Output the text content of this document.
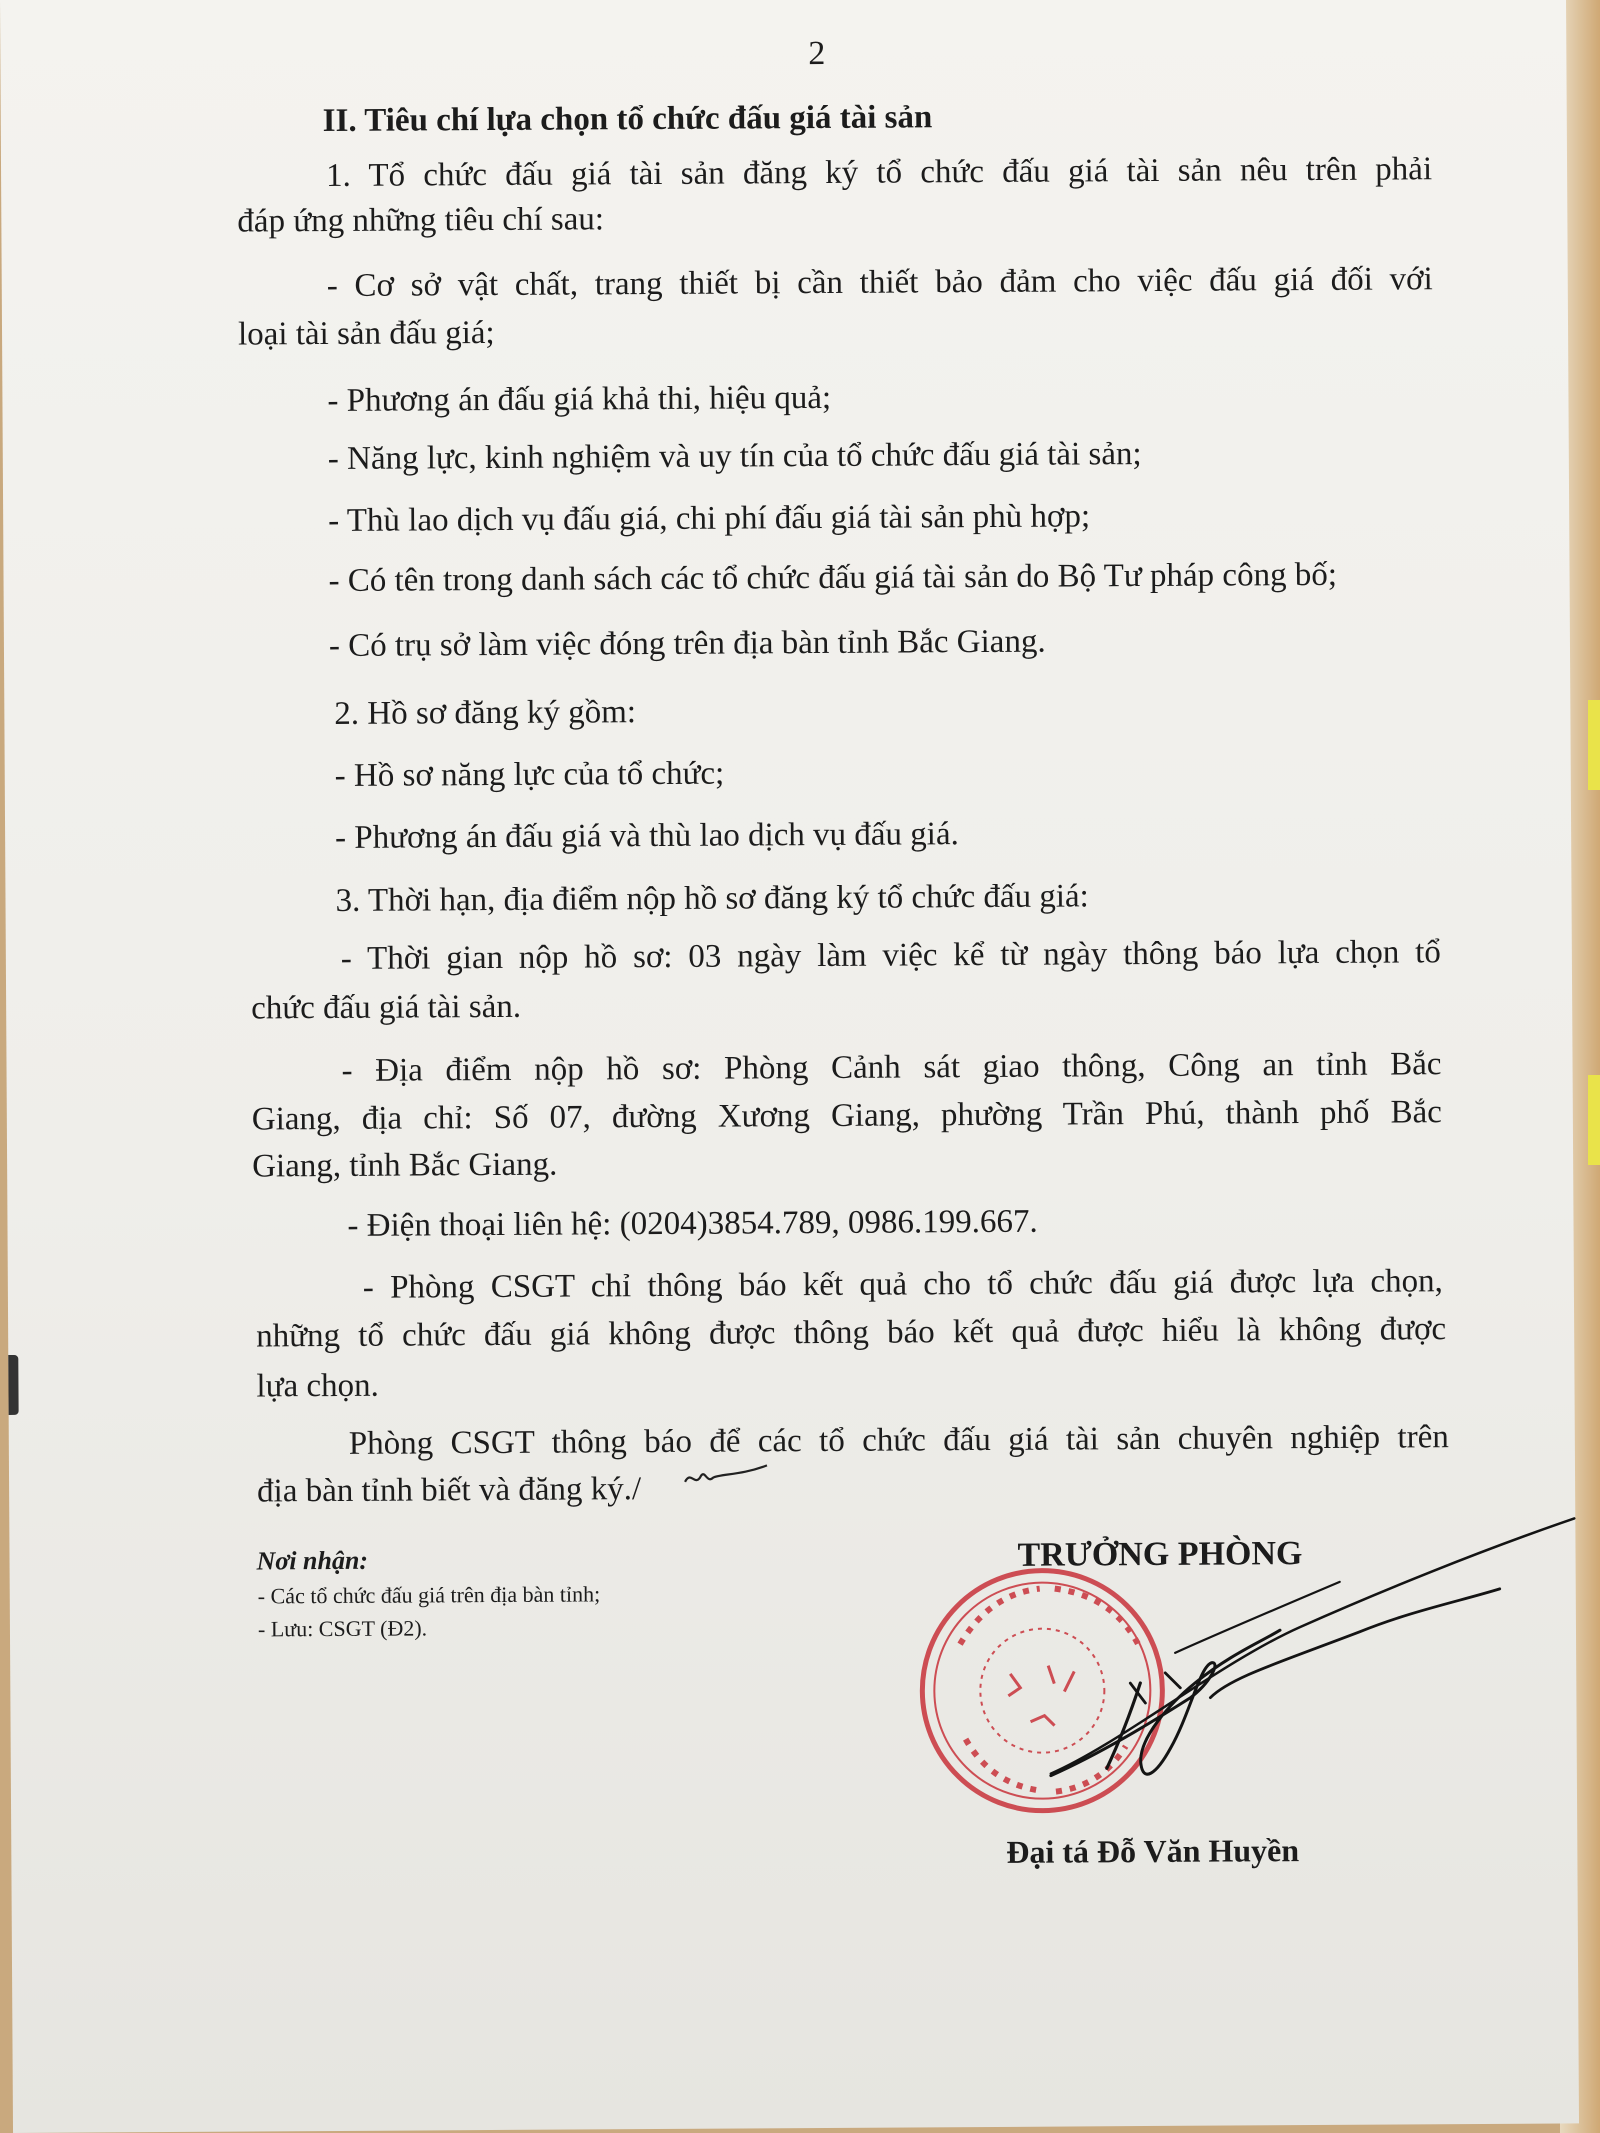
2
II. Tiêu chí lựa chọn tổ chức đấu giá tài sản
1. Tổ chức đấu giá tài sản đăng ký tổ chức đấu giá tài sản nêu trên phải
đáp ứng những tiêu chí sau:
- Cơ sở vật chất, trang thiết bị cần thiết bảo đảm cho việc đấu giá đối với
loại tài sản đấu giá;
- Phương án đấu giá khả thi, hiệu quả;
- Năng lực, kinh nghiệm và uy tín của tổ chức đấu giá tài sản;
- Thù lao dịch vụ đấu giá, chi phí đấu giá tài sản phù hợp;
- Có tên trong danh sách các tổ chức đấu giá tài sản do Bộ Tư pháp công bố;
- Có trụ sở làm việc đóng trên địa bàn tỉnh Bắc Giang.
2. Hồ sơ đăng ký gồm:
- Hồ sơ năng lực của tổ chức;
- Phương án đấu giá và thù lao dịch vụ đấu giá.
3. Thời hạn, địa điểm nộp hồ sơ đăng ký tổ chức đấu giá:
- Thời gian nộp hồ sơ: 03 ngày làm việc kể từ ngày thông báo lựa chọn tổ
chức đấu giá tài sản.
- Địa điểm nộp hồ sơ: Phòng Cảnh sát giao thông, Công an tỉnh Bắc
Giang, địa chỉ: Số 07, đường Xương Giang, phường Trần Phú, thành phố Bắc
Giang, tỉnh Bắc Giang.
- Điện thoại liên hệ: (0204)3854.789, 0986.199.667.
- Phòng CSGT chỉ thông báo kết quả cho tổ chức đấu giá được lựa chọn,
những tổ chức đấu giá không được thông báo kết quả được hiểu là không được
lựa chọn.
Phòng CSGT thông báo để các tổ chức đấu giá tài sản chuyên nghiệp trên
địa bàn tỉnh biết và đăng ký./
Nơi nhận:
- Các tổ chức đấu giá trên địa bàn tỉnh;
- Lưu: CSGT (Đ2).
TRƯỞNG PHÒNG
Đại tá Đỗ Văn Huyền
